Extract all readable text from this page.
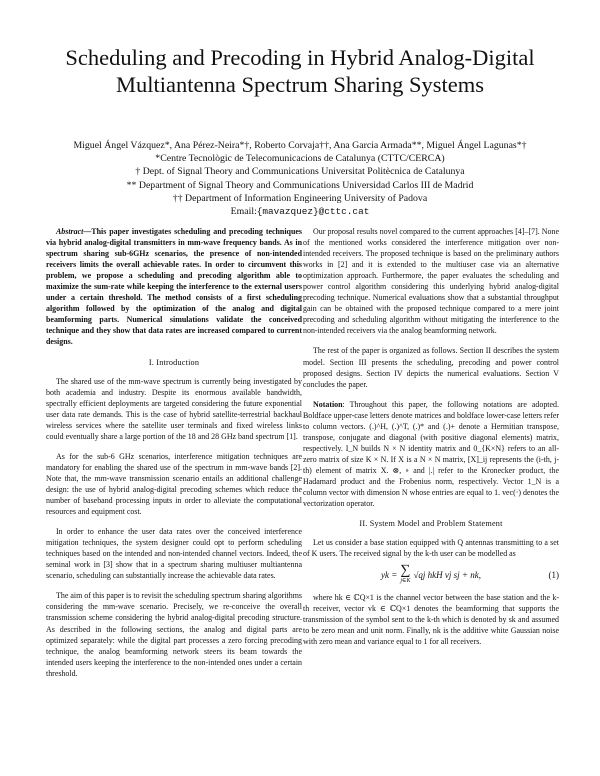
Scheduling and Precoding in Hybrid Analog-Digital
Multiantenna Spectrum Sharing Systems
Miguel Ángel Vázquez*, Ana Pérez-Neira*†, Roberto Corvaja††, Ana Garcia Armada**, Miguel Ángel Lagunas*†
*Centre Tecnològic de Telecomunicacions de Catalunya (CTTC/CERCA)
† Dept. of Signal Theory and Communications Universitat Politècnica de Catalunya
** Department of Signal Theory and Communications Universidad Carlos III de Madrid
†† Department of Information Engineering University of Padova
Email:{mavazquez}@cttc.cat

Abstract—This paper investigates scheduling and precoding techniques via hybrid analog-digital transmitters in mm-wave frequency bands. As in spectrum sharing sub-6GHz scenarios, the presence of non-intended receivers limits the overall achievable rates. In order to circumvent this problem, we propose a scheduling and precoding algorithm able to maximize the sum-rate while keeping the interference to the external users under a certain threshold. The method consists of a first scheduling algorithm followed by the optimization of the analog and digital beamforming parts. Numerical simulations validate the conceived technique and they show that data rates are increased compared to current designs.

I. Introduction

The shared use of the mm-wave spectrum is currently being investigated by both academia and industry. Despite its enormous available bandwidth, spectrally efficient deployments are targeted considering the future exponential user data rate demands. This is the case of hybrid satellite-terrestrial backhaul wireless services where the satellite user terminals and fixed wireless links could eventually share a large portion of the 18 and 28 GHz band spectrum [1].

As for the sub-6 GHz scenarios, interference mitigation techniques are mandatory for enabling the shared use of the spectrum in mm-wave bands [2]. Note that, the mm-wave transmission scenario entails an additional challenge design: the use of hybrid analog-digital precoding schemes which reduce the number of baseband processing inputs in order to alleviate the computational resources and equipment cost.

In order to enhance the user data rates over the conceived interference mitigation techniques, the system designer could opt to perform scheduling techniques based on the intended and non-intended channel vectors. Indeed, the seminal work in [3] show that in a spectrum sharing multiuser multiantenna scenario, scheduling can substantially increase the achievable data rates.

The aim of this paper is to revisit the scheduling spectrum sharing algorithms considering the mm-wave scenario. Precisely, we re-conceive the overall transmission scheme considering the hybrid analog-digital precoding structure. As described in the following sections, the analog and digital parts are optimized separately: while the digital part processes a zero forcing precoding technique, the analog beamforming network steers its beam towards the intended users keeping the interference to the non-intended ones under a certain threshold.

Our proposal results novel compared to the current approaches [4]–[7]. None of the mentioned works considered the interference mitigation over non-intended receivers. The proposed technique is based on the preliminary authors works in [2] and it is extended to the multiuser case via an alternative optimization approach. Furthermore, the paper evaluates the scheduling and power control algorithm considering this underlying hybrid analog-digital precoding technique. Numerical evaluations show that a substantial throughput gain can be obtained with the proposed technique compared to a mere joint precoding and scheduling algorithm without mitigating the interference to the non-intended receivers via the analog beamforming network.

The rest of the paper is organized as follows. Section II describes the system model. Section III presents the scheduling, precoding and power control proposed designs. Section IV depicts the numerical evaluations. Section V concludes the paper.

Notation: Throughout this paper, the following notations are adopted. Boldface upper-case letters denote matrices and boldface lower-case letters refer to column vectors. (.)^H, (.)^T, (.)* and (.)+ denote a Hermitian transpose, transpose, conjugate and diagonal (with positive diagonal elements) matrix, respectively. I_N builds N × N identity matrix and 0_{K×N} refers to an all-zero matrix of size K × N. If X is a N × N matrix, [X]_ij represents the (i-th, j-th) element of matrix X. ⊗, ∘ and |.| refer to the Kronecker product, the Hadamard product and the Frobenius norm, respectively. Vector 1_N is a column vector with dimension N whose entries are equal to 1. vec(·) denotes the vectorization operator.

II. System Model and Problem Statement

Let us consider a base station equipped with Q antennas transmitting to a set of K users. The received signal by the k-th user can be modelled as

yk = ∑
j∈K
√qj hkH vj sj + nk,	(1)

where hk ∈ ℂQ×1 is the channel vector between the base station and the k-th receiver, vector vk ∈ ℂQ×1 denotes the beamforming that supports the transmission of the symbol sent to the k-th which is denoted by sk and assumed to be zero mean and unit norm. Finally, nk is the additive white Gaussian noise with zero mean and variance equal to 1 for all receivers.
